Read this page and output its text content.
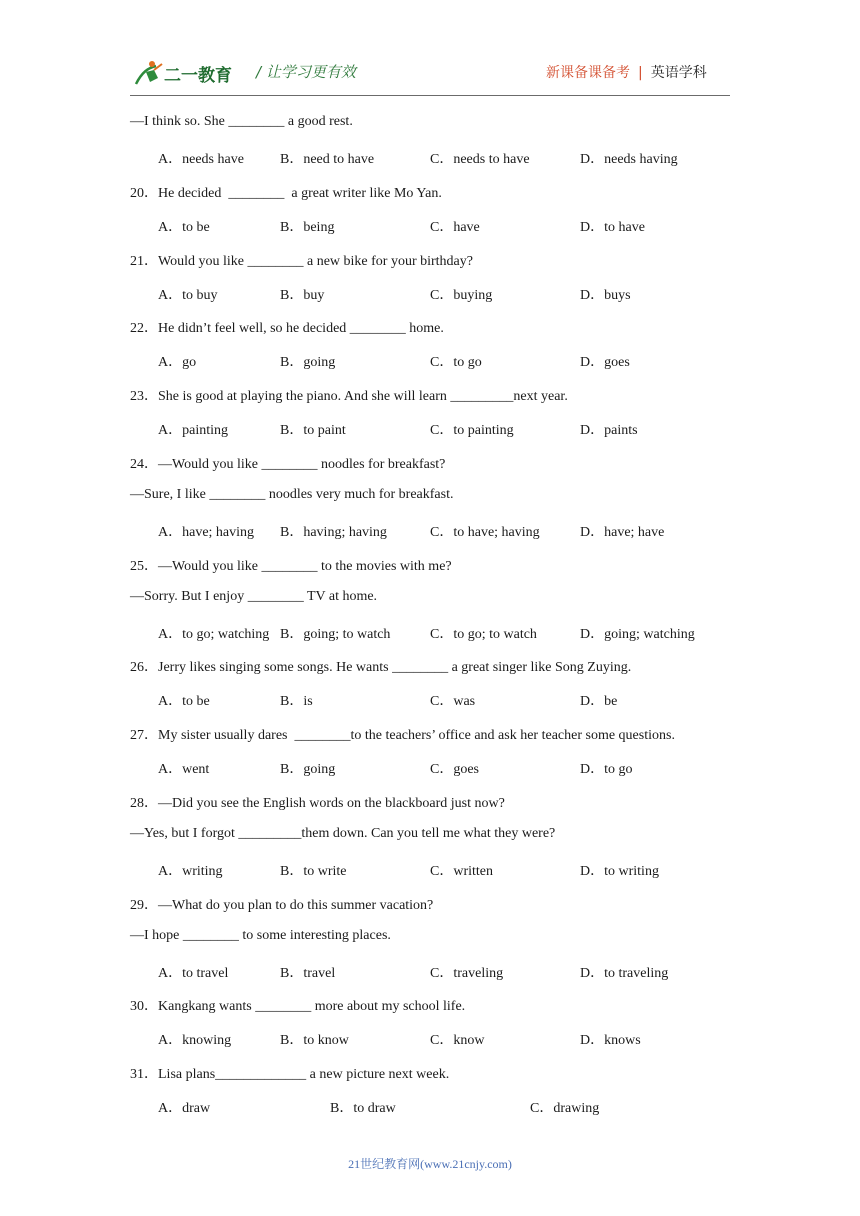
二一教育 / 让学习更有效	新课备课备考 | 英语学科
—I think so. She ________ a good rest.
A．needs have	B．need to have	C．needs to have	D．needs having
20．He decided  ________  a great writer like Mo Yan.
A．to be	B．being	C．have	D．to have
21．Would you like ________ a new bike for your birthday?
A．to buy	B．buy	C．buying	D．buys
22．He didn’t feel well, so he decided ________ home.
A．go	B．going	C．to go	D．goes
23．She is good at playing the piano. And she will learn _________next year.
A．painting	B．to paint	C．to painting	D．paints
24．—Would you like ________ noodles for breakfast?
—Sure, I like ________ noodles very much for breakfast.
A．have; having B．having; having	C．to have; having	D．have; have
25．—Would you like ________ to the movies with me?
—Sorry. But I enjoy ________ TV at home.
A．to go; watching B．going; to watch	C．to go; to watch	D．going; watching
26．Jerry likes singing some songs. He wants ________ a great singer like Song Zuying.
A．to be	B．is	C．was	D．be
27．My sister usually dares  ________to the teachers’ office and ask her teacher some questions.
A．went	B．going	C．goes	D．to go
28．—Did you see the English words on the blackboard just now?
—Yes, but I forgot _________them down. Can you tell me what they were?
A．writing	B．to write	C．written	D．to writing
29．—What do you plan to do this summer vacation?
—I hope ________ to some interesting places.
A．to travel	B．travel	C．traveling	D．to traveling
30．Kangkang wants ________ more about my school life.
A．knowing	B．to know	C．know	D．knows
31．Lisa plans_____________ a new picture next week.
A．draw	B．to draw	C．drawing
21世纪教育网(www.21cnjy.com)
